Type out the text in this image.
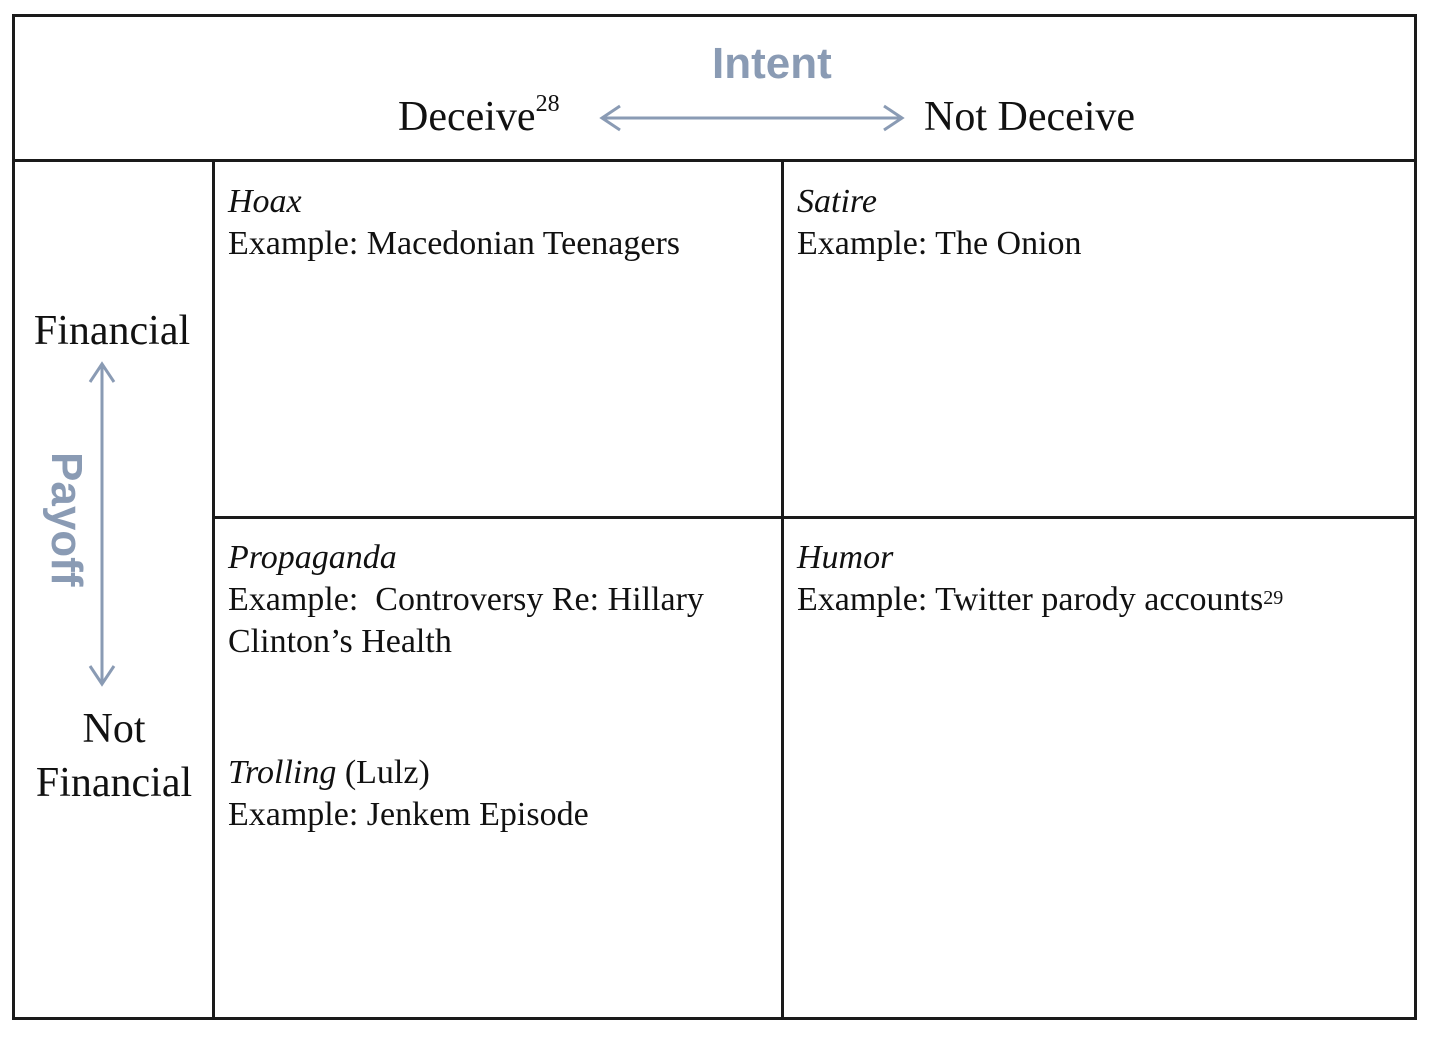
Intent
Deceive$^{28}$	Not Deceive
Financial
Payoff
Not
Financial
Hoax
Example: Macedonian Teenagers
Satire
Example: The Onion
Propaganda
Example:  Controversy Re: Hillary
Clinton’s Health
Trolling (Lulz)
Example: Jenkem Episode
Humor
Example: Twitter parody accounts$^{29}$
